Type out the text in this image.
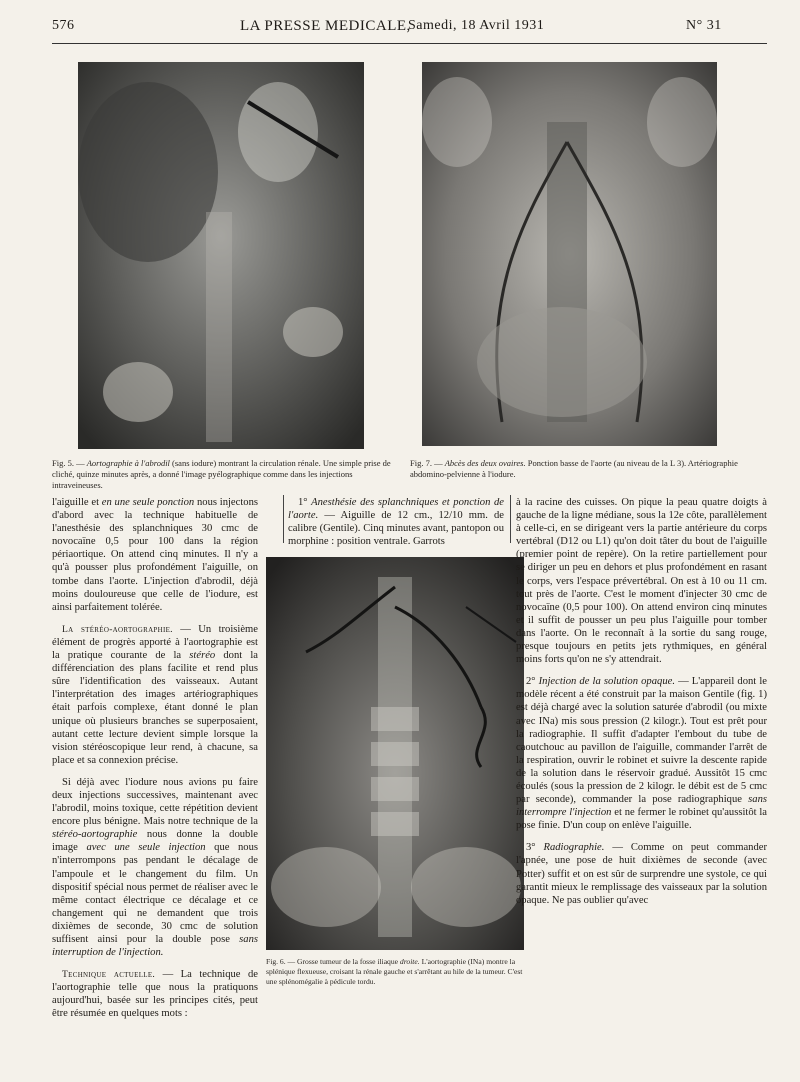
576	LA PRESSE MEDICALE,
Samedi, 18 Avril 1931	N° 31
Fig. 5. — Aortographie à l'abrodil (sans iodure) montrant la circulation rénale. Une simple prise de cliché, quinze minutes après, a donné l'image pyélographique comme dans les injections intraveineuses.
Fig. 7. — Abcès des deux ovaires. Ponction basse de l'aorte (au niveau de la L 3). Artériographie abdomino-pelvienne à l'iodure.
Fig. 6. — Grosse tumeur de la fosse iliaque droite. L'aortographie (INa) montre la splénique flexueuse, croisant la rénale gauche et s'arrêtant au hile de la tumeur. C'est une splénomégalie à pédicule tordu.

l'aiguille et en une seule ponction nous injectons d'abord avec la technique habituelle de l'anesthésie des splanchniques 30 cmc de novocaïne 0,5 pour 100 dans la région périaortique. On attend cinq minutes. Il n'y a qu'à pousser plus profondément l'aiguille, on tombe dans l'aorte. L'injection d'abrodil, déjà moins douloureuse que celle de l'iodure, est ainsi parfaitement tolérée.

La stéréo-aortographie. — Un troisième élément de progrès apporté à l'aortographie est la pratique courante de la stéréo dont la différenciation des plans facilite et rend plus sûre l'identification des vaisseaux. Autant l'interprétation des images artériographiques était parfois complexe, étant donné le plan unique où plusieurs branches se superposaient, autant cette lecture devient simple lorsque la vision stéréoscopique leur rend, à chacune, sa place et sa connexion précise.

Si déjà avec l'iodure nous avions pu faire deux injections successives, maintenant avec l'abrodil, moins toxique, cette répétition devient encore plus bénigne. Mais notre technique de la stéréo-aortographie nous donne la double image avec une seule injection que nous n'interrompons pas pendant le décalage de l'ampoule et le changement du film. Un dispositif spécial nous permet de réaliser avec le même contact électrique ce décalage et ce changement qui ne demandent que trois dixièmes de seconde, 30 cmc de solution suffisent ainsi pour la double pose sans interruption de l'injection.

Technique actuelle. — La technique de l'aortographie telle que nous la pratiquons aujourd'hui, basée sur les principes cités, peut être résumée en quelques mots :

1° Anesthésie des splanchniques et ponction de l'aorte. — Aiguille de 12 cm., 12/10 mm. de calibre (Gentile). Cinq minutes avant, pantopon ou morphine : position ventrale. Garrots

à la racine des cuisses. On pique la peau quatre doigts à gauche de la ligne médiane, sous la 12e côte, parallèlement à celle-ci, en se dirigeant vers la partie antérieure du corps vertébral (D12 ou L1) qu'on doit tâter du bout de l'aiguille (premier point de repère). On la retire partiellement pour se diriger un peu en dehors et plus profondément en rasant le corps, vers l'espace prévertébral. On est à 10 ou 11 cm. tout près de l'aorte. C'est le moment d'injecter 30 cmc de novocaïne (0,5 pour 100). On attend environ cinq minutes et il suffit de pousser un peu plus l'aiguille pour tomber dans l'aorte. On le reconnaît à la sortie du sang rouge, presque toujours en petits jets rythmiques, en général moins forts qu'on ne s'y attendrait.

2° Injection de la solution opaque. — L'appareil dont le modèle récent a été construit par la maison Gentile (fig. 1) est déjà chargé avec la solution saturée d'abrodil (ou mixte avec INa) mis sous pression (2 kilogr.). Tout est prêt pour la radiographie. Il suffit d'adapter l'embout du tube de caoutchouc au pavillon de l'aiguille, commander l'arrêt de la respiration, ouvrir le robinet et suivre la descente rapide de la solution dans le réservoir gradué. Aussitôt 15 cmc écoulés (sous la pression de 2 kilogr. le débit est de 5 cmc par seconde), commander la pose radiographique sans interrompre l'injection et ne fermer le robinet qu'aussitôt la pose finie. D'un coup on enlève l'aiguille.

3° Radiographie. — Comme on peut commander l'apnée, une pose de huit dixièmes de seconde (avec Potter) suffit et on est sûr de surprendre une systole, ce qui garantit mieux le remplissage des vaisseaux par la solution opaque. Ne pas oublier qu'avec
